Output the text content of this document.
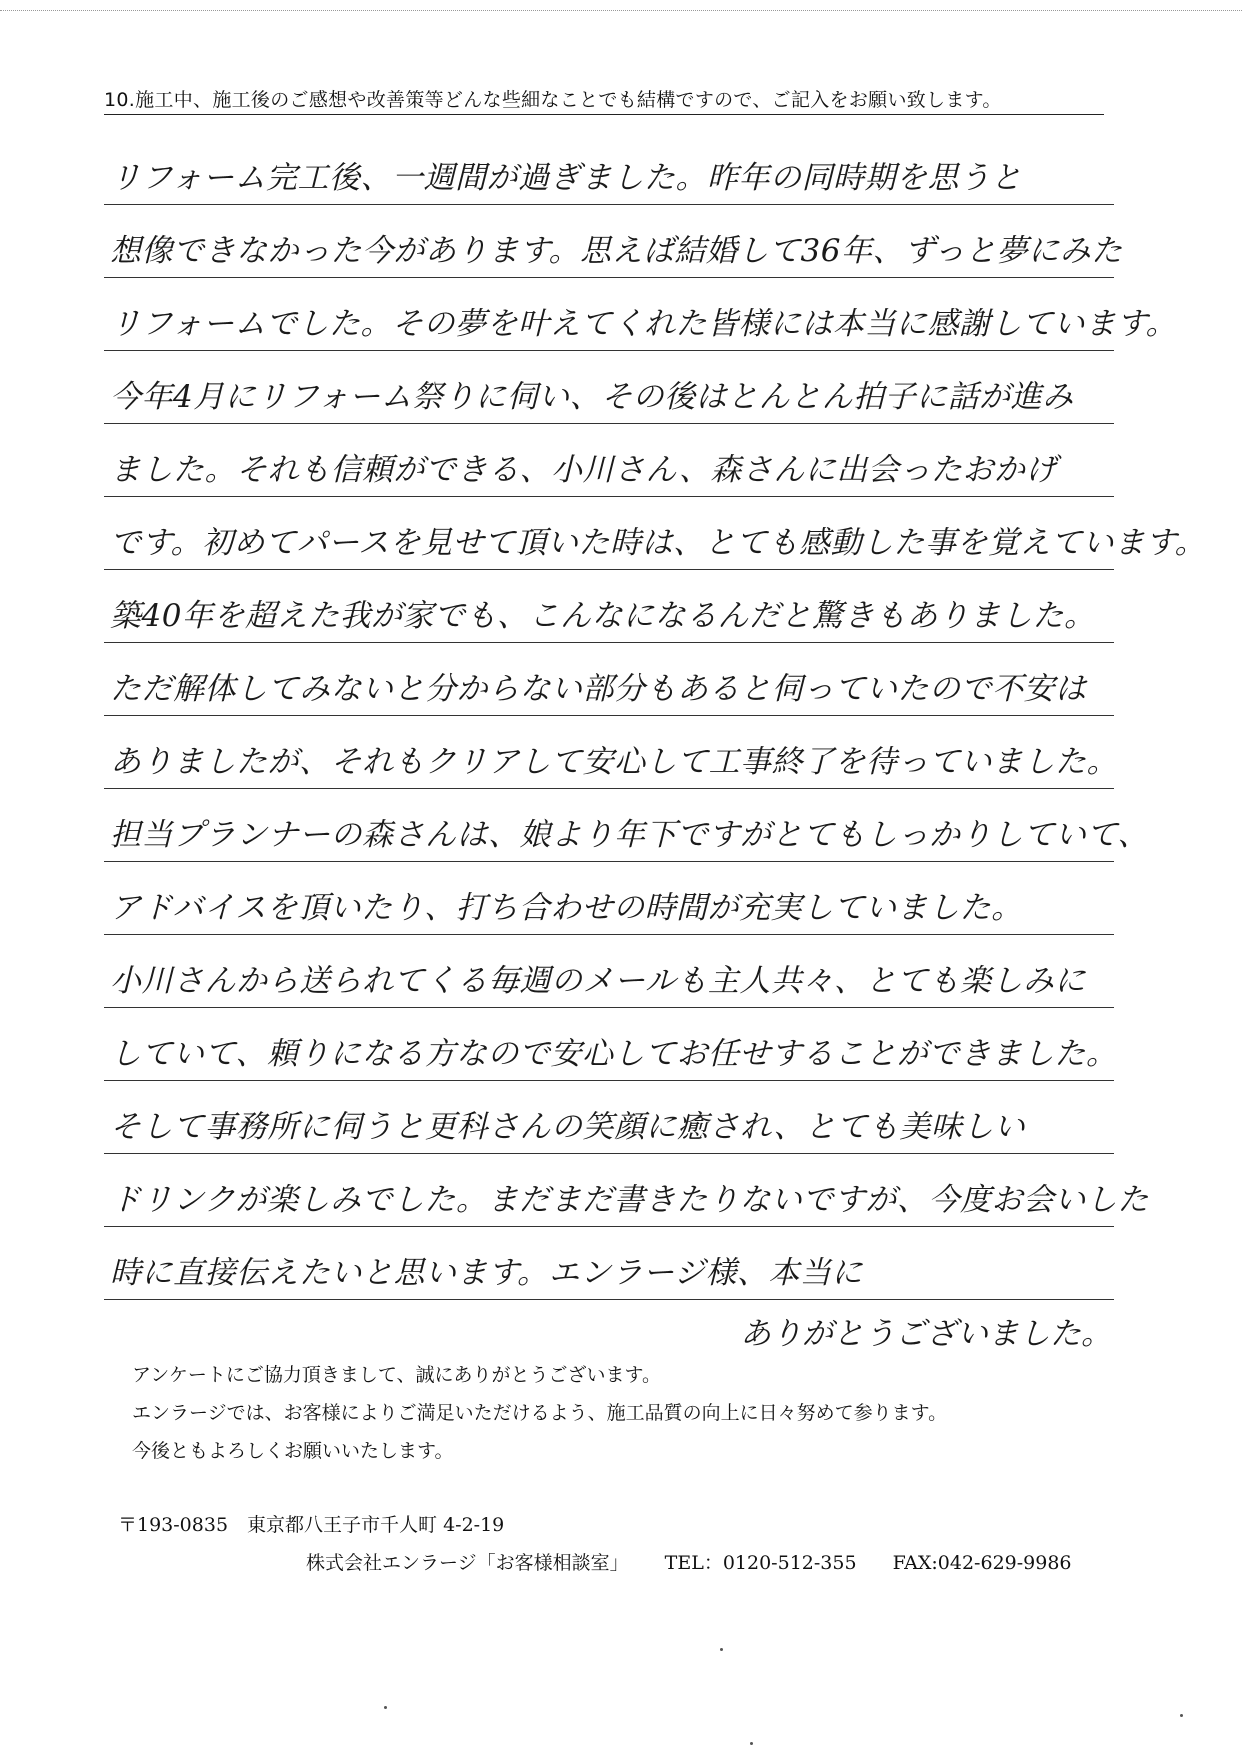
10.施工中、施工後のご感想や改善策等どんな些細なことでも結構ですので、ご記入をお願い致します。
リフォーム完工後、一週間が過ぎました。昨年の同時期を思うと
想像できなかった今があります。思えば結婚して36年、ずっと夢にみた
リフォームでした。その夢を叶えてくれた皆様には本当に感謝しています。
今年4月にリフォーム祭りに伺い、その後はとんとん拍子に話が進み
ました。それも信頼ができる、小川さん、森さんに出会ったおかげ
です。初めてパースを見せて頂いた時は、とても感動した事を覚えています。
築40年を超えた我が家でも、こんなになるんだと驚きもありました。
ただ解体してみないと分からない部分もあると伺っていたので不安は
ありましたが、それもクリアして安心して工事終了を待っていました。
担当プランナーの森さんは、娘より年下ですがとてもしっかりしていて、
アドバイスを頂いたり、打ち合わせの時間が充実していました。
小川さんから送られてくる毎週のメールも主人共々、とても楽しみに
していて、頼りになる方なので安心してお任せすることができました。
そして事務所に伺うと更科さんの笑顔に癒され、とても美味しい
ドリンクが楽しみでした。まだまだ書きたりないですが、今度お会いした
時に直接伝えたいと思います。エンラージ様、本当に
ありがとうございました。
アンケートにご協力頂きまして、誠にありがとうございます。
エンラージでは、お客様によりご満足いただけるよう、施工品質の向上に日々努めて参ります。
今後ともよろしくお願いいたします。
〒193-0835　東京都八王子市千人町 4-2-19
株式会社エンラージ「お客様相談室」 TEL：0120-512-355 FAX:042-629-9986
